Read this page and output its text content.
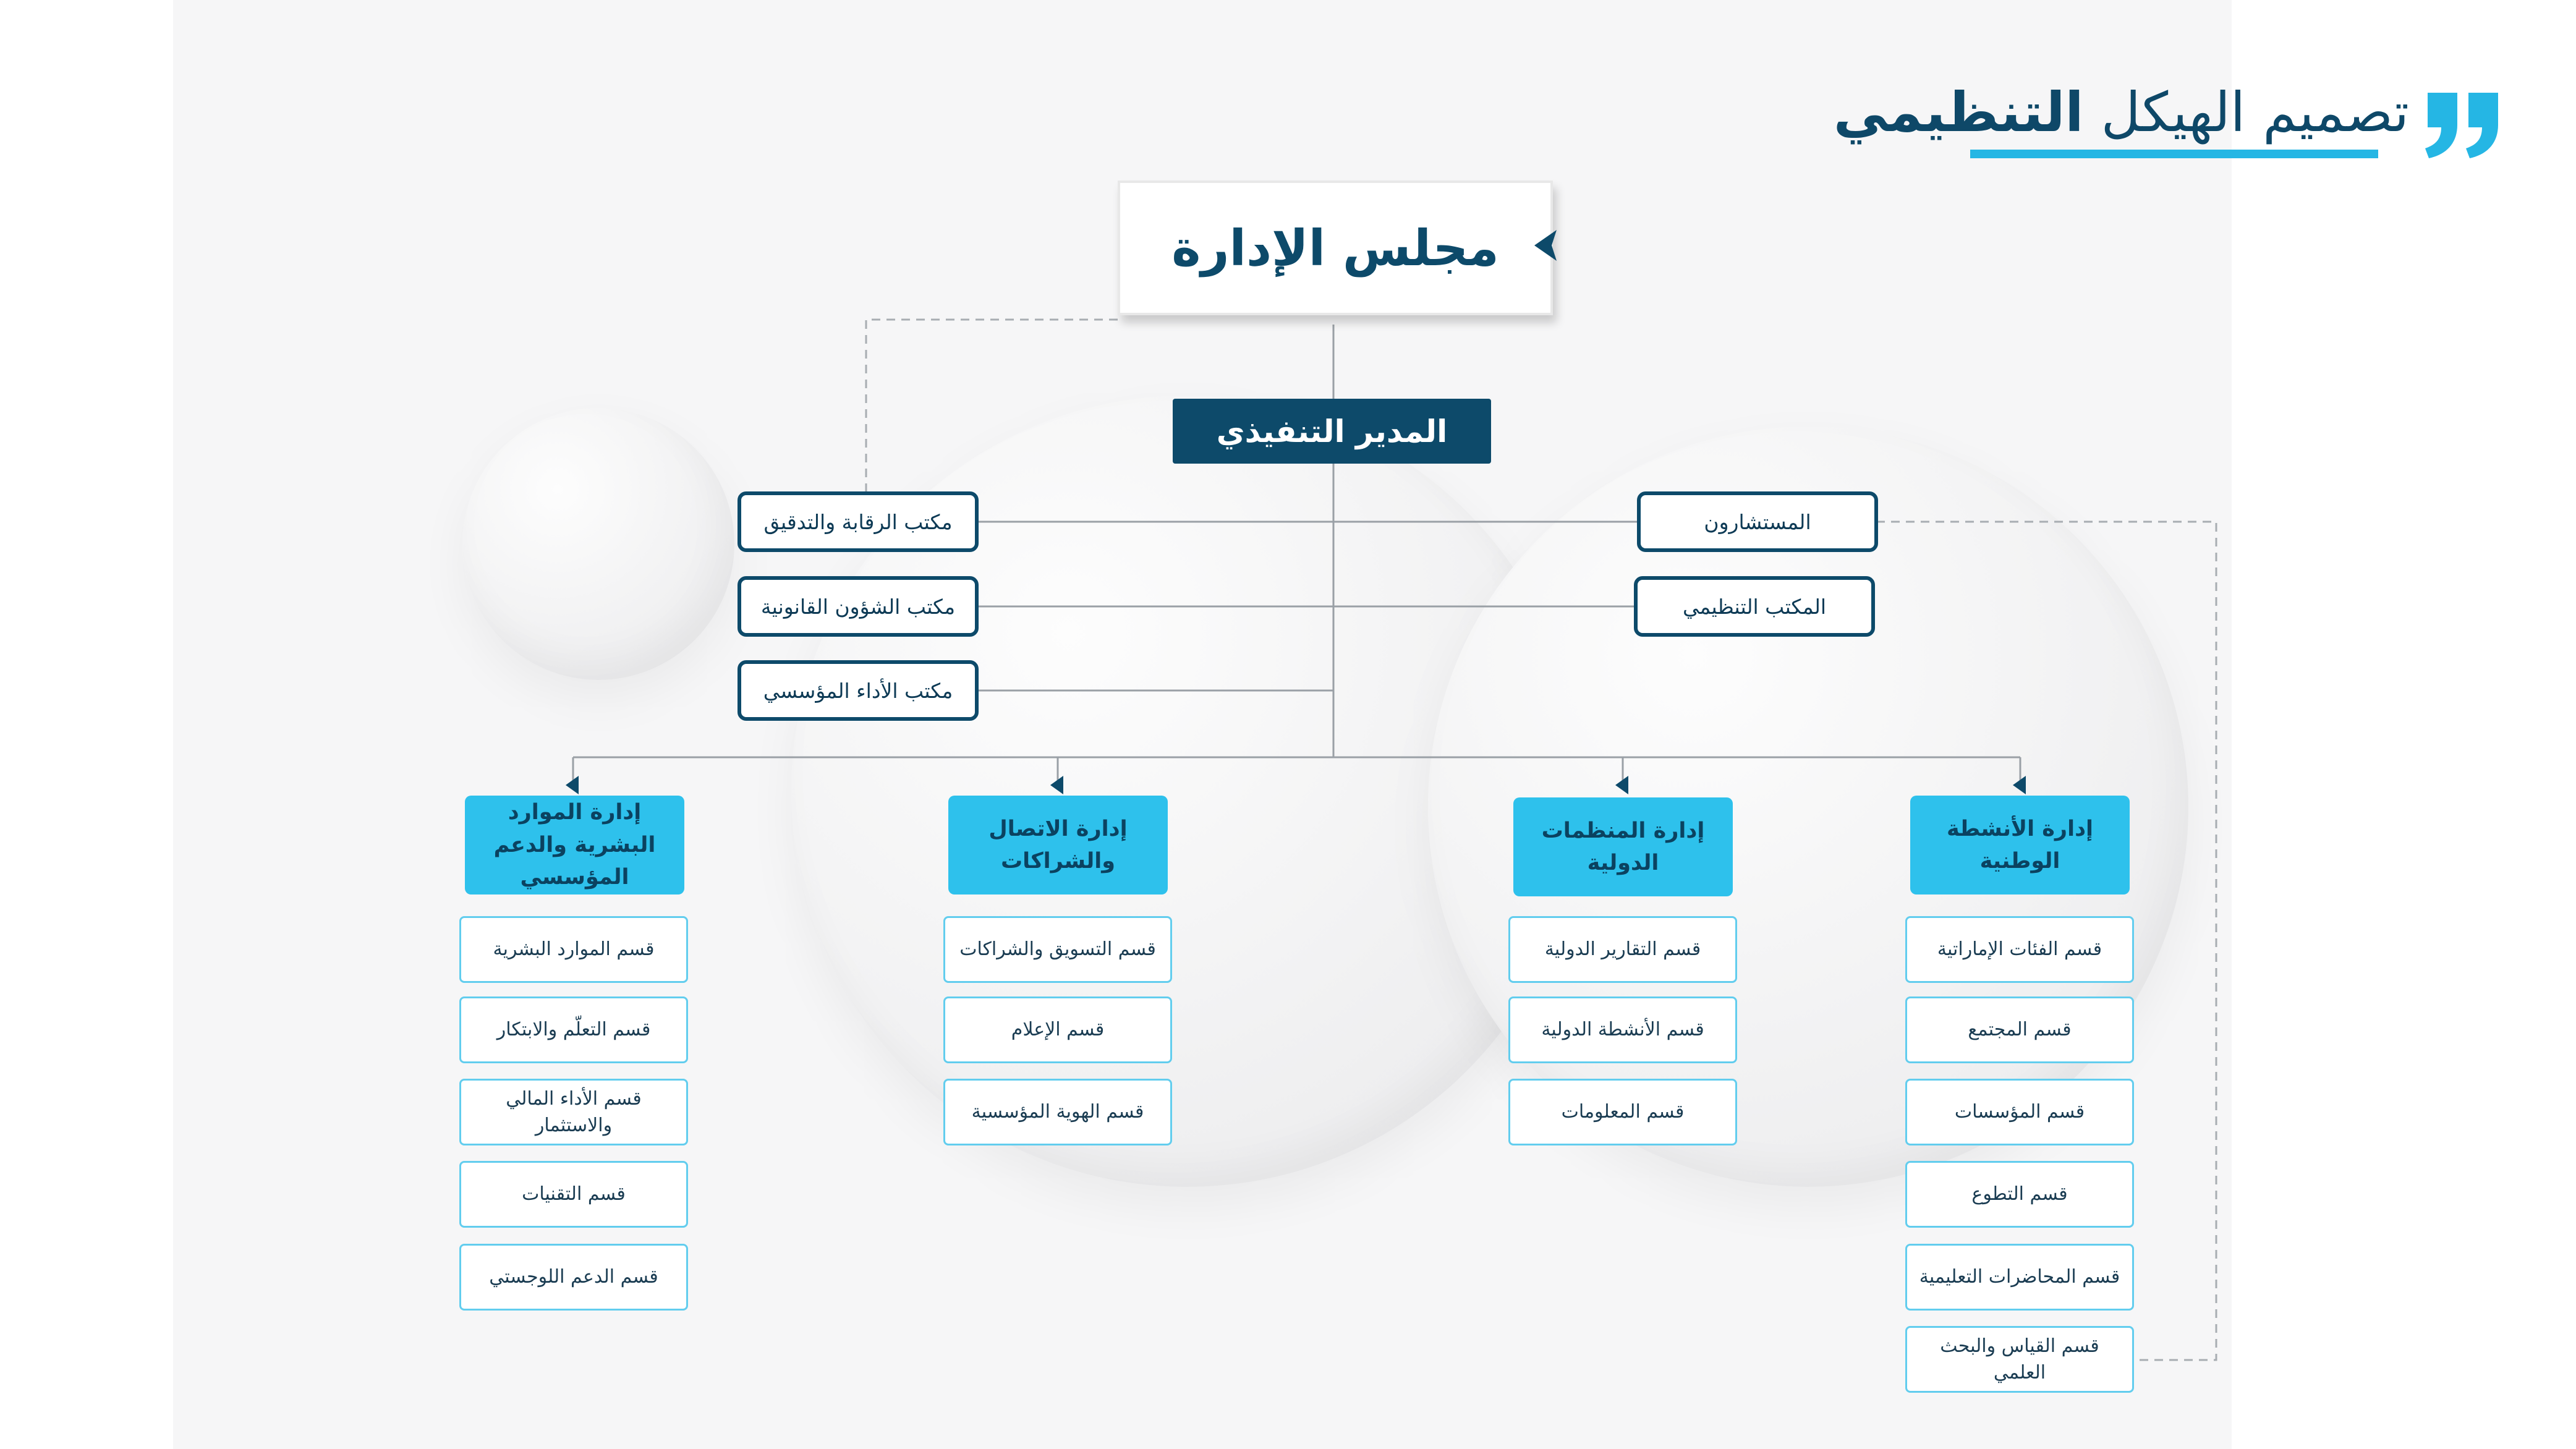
تصميم الهيكل التنظيمي
مجلس الإدارة
المدير التنفيذي
مكتب الرقابة والتدقيق
مكتب الشؤون القانونية
مكتب الأداء المؤسسي
المستشارون
المكتب التنظيمي
إدارة الموارد البشرية والدعم المؤسسي
إدارة الاتصال والشراكات
إدارة المنظمات الدولية
إدارة الأنشطة الوطنية
قسم الموارد البشرية
قسم التعلّم والابتكار
قسم الأداء المالي والاستثمار
قسم التقنيات
قسم الدعم اللوجستي
قسم التسويق والشراكات
قسم الإعلام
قسم الهوية المؤسسية
قسم التقارير الدولية
قسم الأنشطة الدولية
قسم المعلومات
قسم الفئات الإماراتية
قسم المجتمع
قسم المؤسسات
قسم التطوع
قسم المحاضرات التعليمية
قسم القياس والبحث العلمي
